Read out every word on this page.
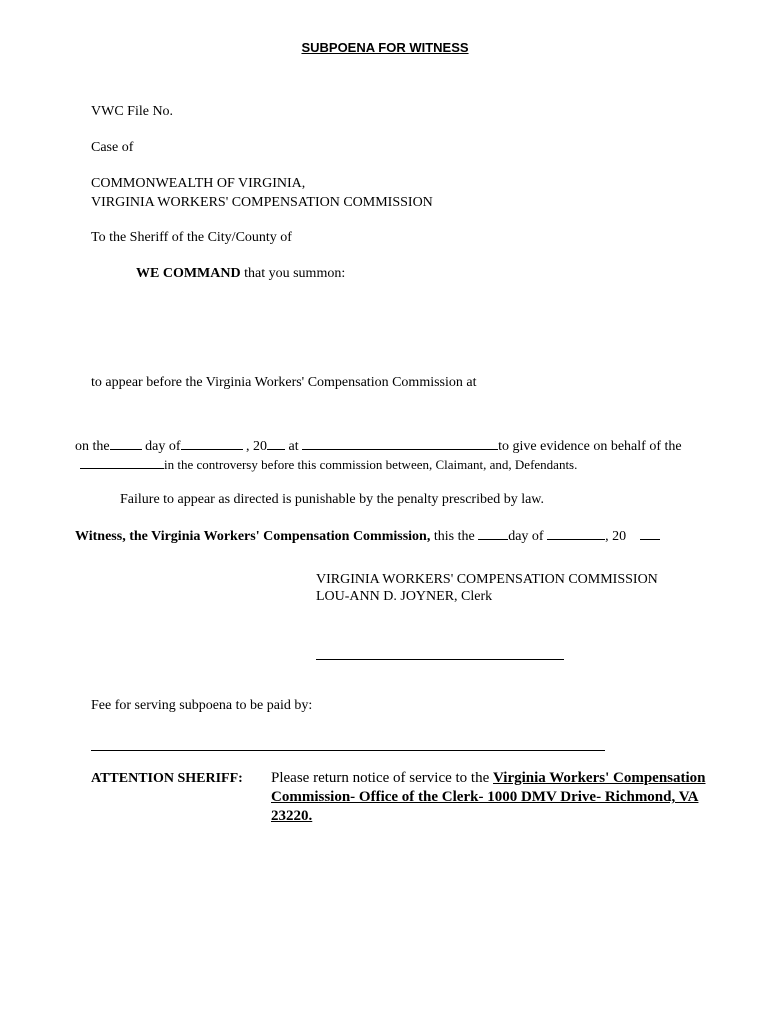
SUBPOENA FOR WITNESS
VWC File No.
Case of
COMMONWEALTH OF VIRGINIA,
VIRGINIA WORKERS' COMPENSATION COMMISSION
To the Sheriff of the City/County of
WE COMMAND that you summon:
to appear before the Virginia Workers' Compensation Commission at
on the	day of	, 20 at	to give evidence on behalf of the
in the controversy before this commission between, Claimant, and, Defendants.
Failure to appear as directed is punishable by the penalty prescribed by law.
Witness, the Virginia Workers' Compensation Commission, this the day of	, 20
VIRGINIA WORKERS' COMPENSATION COMMISSION
LOU-ANN D. JOYNER, Clerk
Fee for serving subpoena to be paid by:
ATTENTION SHERIFF: Please return notice of service to the Virginia Workers' Compensation Commission- Office of the Clerk- 1000 DMV Drive- Richmond, VA 23220.
